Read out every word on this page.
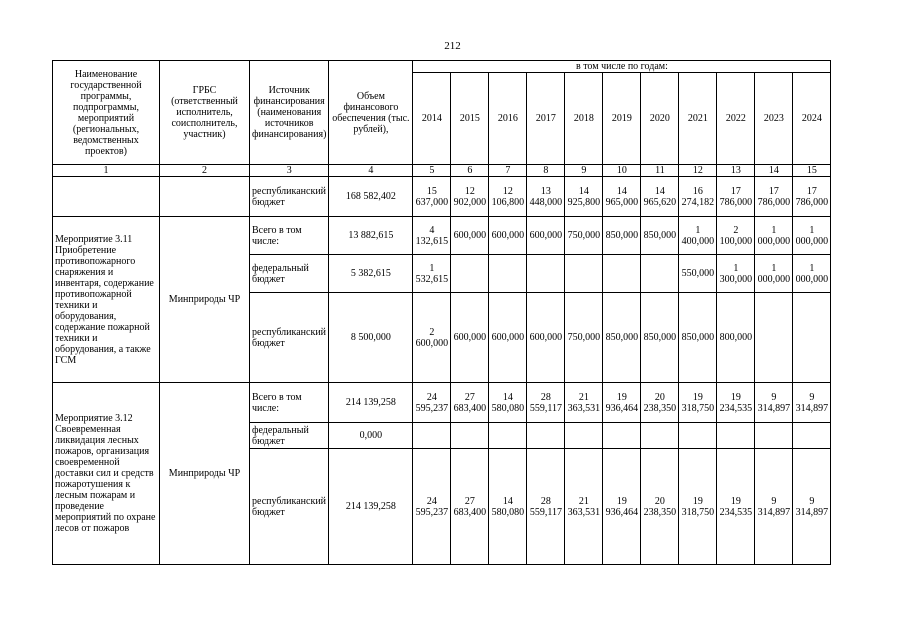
212
Наименование государственной программы, подпрограммы, мероприятий (региональных, ведомственных проектов)	ГРБС (ответственный исполнитель, соисполнитель, участник)	Источник финансирования (наименования источников финансирования)	Объем финансового обеспечения (тыс. рублей),	в том числе по годам:										
				2014	2015	2016	2017	2018	2019	2020	2021	2022	2023	2024
1	2	3	4	5	6	7	8	9	10	11	12	13	14	15
		республиканский бюджет	168 582,402	15 637,000	12 902,000	12 106,800	13 448,000	14 925,800	14 965,000	14 965,620	16 274,182	17 786,000	17 786,000	17 786,000
Мероприятие 3.11 Приобретение противопожарного снаряжения и инвентаря, содержание противопожарной техники и оборудования, содержание пожарной техники и оборудования, а также ГСМ	Минприроды ЧР	Всего в том числе:	13 882,615	4 132,615	600,000	600,000	600,000	750,000	850,000	850,000	1 400,000	2 100,000	1 000,000	1 000,000
		федеральный бюджет	5 382,615	1 532,615							550,000	1 300,000	1 000,000	1 000,000
		республиканский бюджет	8 500,000	2 600,000	600,000	600,000	600,000	750,000	850,000	850,000	850,000	800,000		
Мероприятие 3.12 Своевременная ликвидация лесных пожаров, организация своевременной доставки сил и средств пожаротушения к лесным пожарам и проведение мероприятий по охране лесов от пожаров	Минприроды ЧР	Всего в том числе:	214 139,258	24 595,237	27 683,400	14 580,080	28 559,117	21 363,531	19 936,464	20 238,350	19 318,750	19 234,535	9 314,897	9 314,897
		федеральный бюджет	0,000											
		республиканский бюджет	214 139,258	24 595,237	27 683,400	14 580,080	28 559,117	21 363,531	19 936,464	20 238,350	19 318,750	19 234,535	9 314,897	9 314,897
